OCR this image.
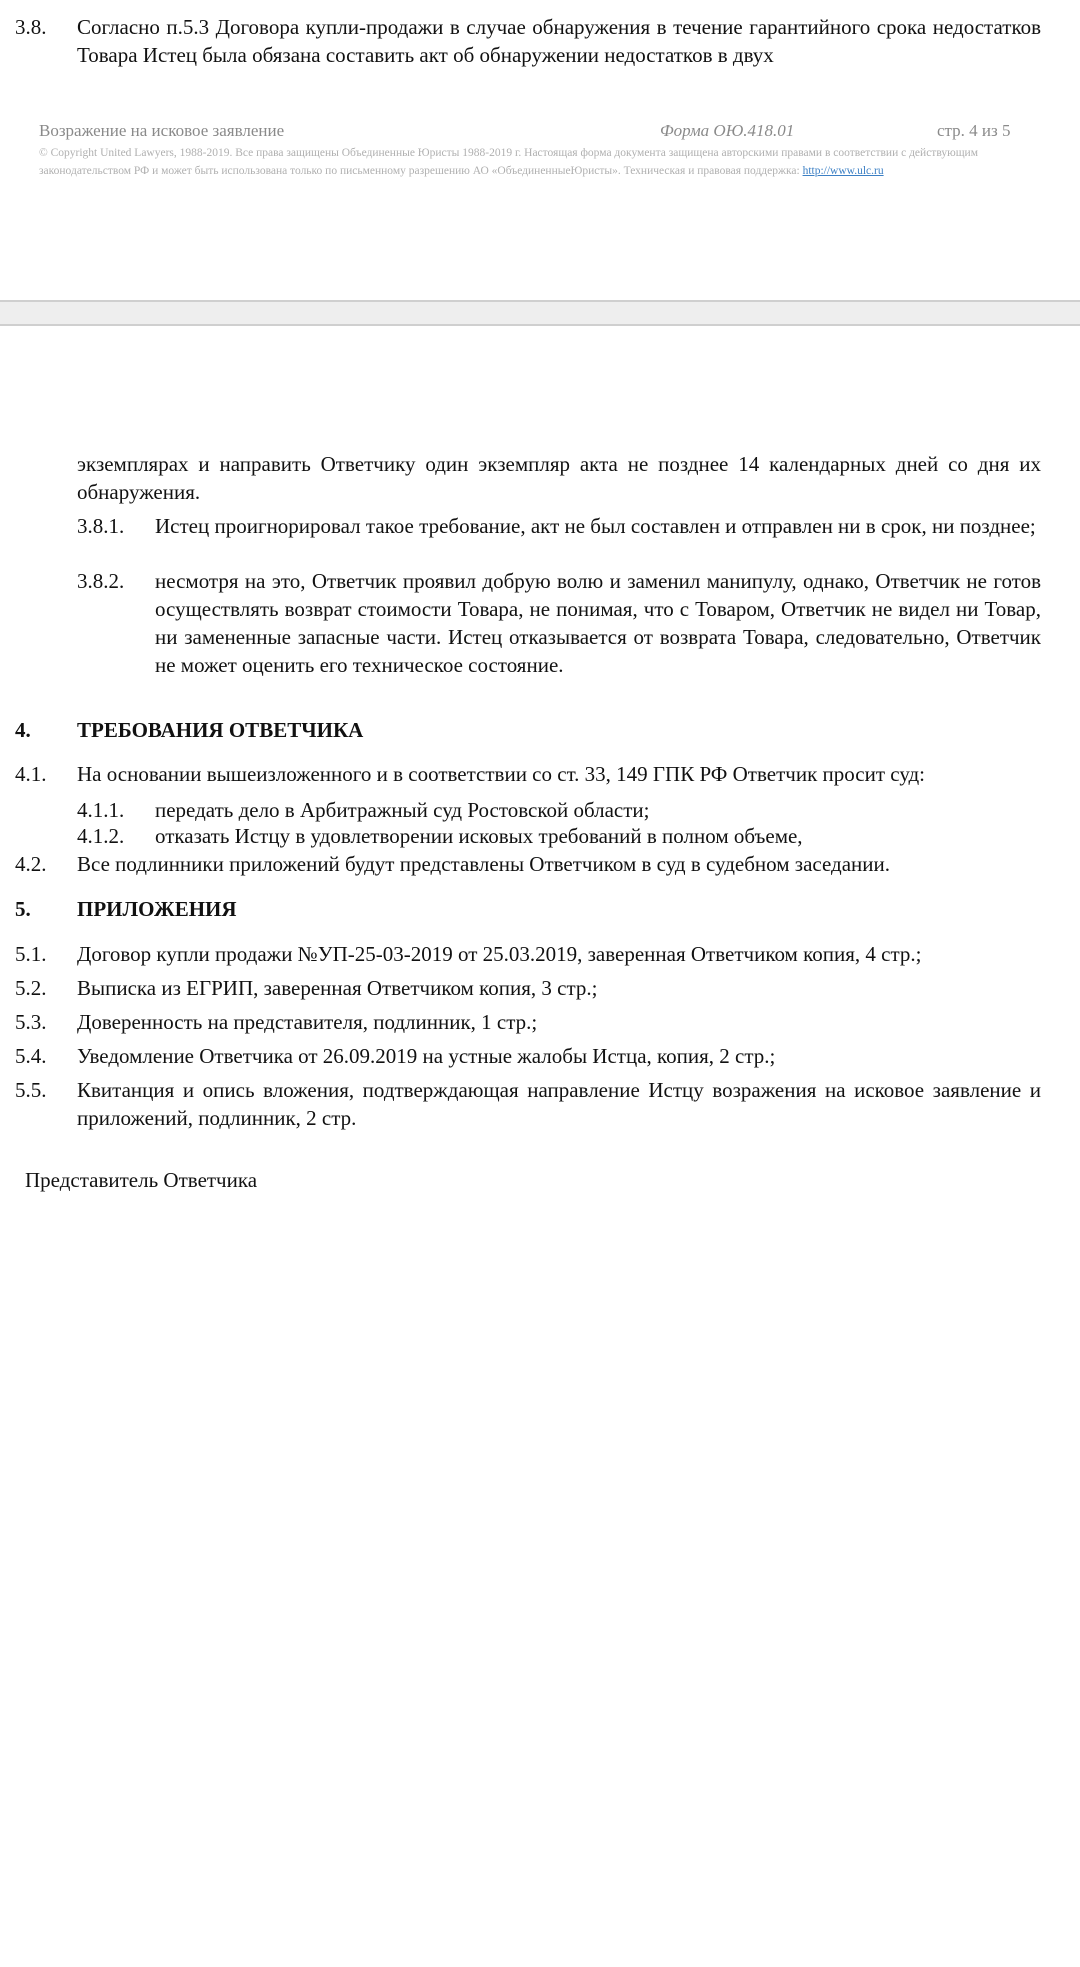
3.8. Согласно п.5.3 Договора купли-продажи в случае обнаружения в течение гарантийного срока недостатков Товара Истец была обязана составить акт об обнаружении недостатков в двух
Возражение на исковое заявление	Форма ОЮ.418.01	стр. 4 из 5
© Copyright United Lawyers, 1988-2019. Все права защищены Объединенные Юристы 1988-2019 г. Настоящая форма документа защищена авторскими правами в соответствии с действующим законодательством РФ и может быть использована только по письменному разрешению АО «ОбъединенныеЮристы». Техническая и правовая поддержка: http://www.ulc.ru
экземплярах и направить Ответчику один экземпляр акта не позднее 14 календарных дней со дня их обнаружения.
3.8.1. Истец проигнорировал такое требование, акт не был составлен и отправлен ни в срок, ни позднее;
3.8.2. несмотря на это, Ответчик проявил добрую волю и заменил манипулу, однако, Ответчик не готов осуществлять возврат стоимости Товара, не понимая, что с Товаром, Ответчик не видел ни Товар, ни замененные запасные части. Истец отказывается от возврата Товара, следовательно, Ответчик не может оценить его техническое состояние.
4. ТРЕБОВАНИЯ ОТВЕТЧИКА
4.1. На основании вышеизложенного и в соответствии со ст. 33, 149 ГПК РФ Ответчик просит суд:
4.1.1. передать дело в Арбитражный суд Ростовской области;
4.1.2. отказать Истцу в удовлетворении исковых требований в полном объеме,
4.2. Все подлинники приложений будут представлены Ответчиком в суд в судебном заседании.
5. ПРИЛОЖЕНИЯ
5.1. Договор купли продажи №УП-25-03-2019 от 25.03.2019, заверенная Ответчиком копия, 4 стр.;
5.2. Выписка из ЕГРИП, заверенная Ответчиком копия, 3 стр.;
5.3. Доверенность на представителя, подлинник, 1 стр.;
5.4. Уведомление Ответчика от 26.09.2019 на устные жалобы Истца, копия, 2 стр.;
5.5. Квитанция и опись вложения, подтверждающая направление Истцу возражения на исковое заявление и приложений, подлинник, 2 стр.
Представитель Ответчика
